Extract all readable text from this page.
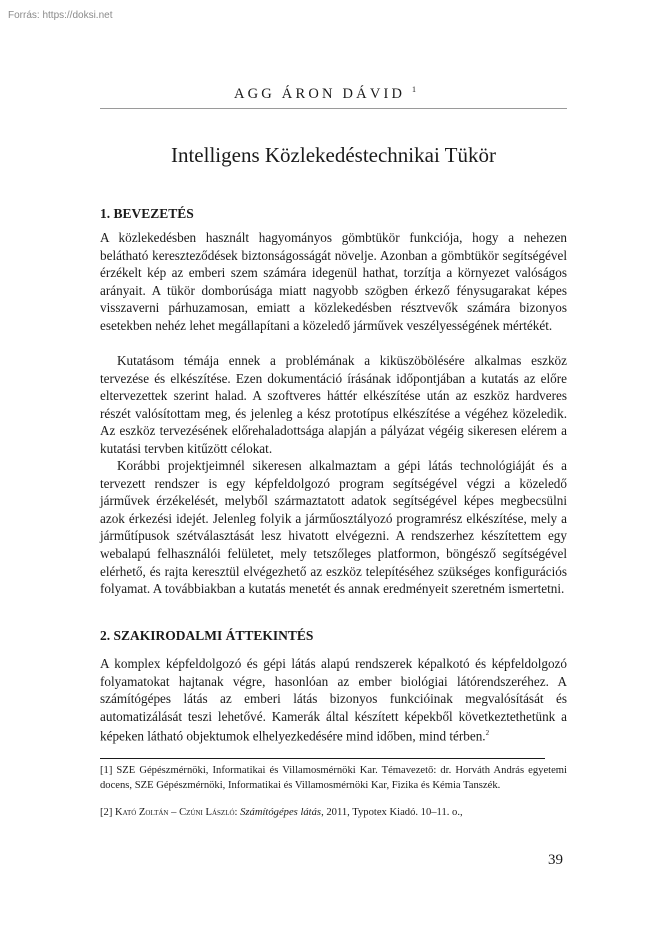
Forrás: https://doksi.net
AGG ÁRON DÁVID $^1$
Intelligens Közlekedéstechnikai Tükör
1. BEVEZETÉS
A közlekedésben használt hagyományos gömbtükör funkciója, hogy a nehezen belátható kereszteződések biztonságosságát növelje. Azonban a gömbtükör segítségével érzékelt kép az emberi szem számára idegenül hathat, torzítja a környezet valóságos arányait. A tükör domborúsága miatt nagyobb szögben érkező fénysugarakat képes visszaverni párhuzamosan, emiatt a közlekedésben résztvevők számára bizonyos esetekben nehéz lehet megállapítani a közeledő járművek veszélyességének mértékét.
Kutatásom témája ennek a problémának a kiküszöbölésére alkalmas eszköz tervezése és elkészítése. Ezen dokumentáció írásának időpontjában a kutatás az előre eltervezettek szerint halad. A szoftveres háttér elkészítése után az eszköz hardveres részét valósítottam meg, és jelenleg a kész prototípus elkészítése a végéhez közeledik. Az eszköz tervezésének előrehaladottsága alapján a pályázat végéig sikeresen elérem a kutatási tervben kitűzött célokat.
Korábbi projektjeimnél sikeresen alkalmaztam a gépi látás technológiáját és a tervezett rendszer is egy képfeldolgozó program segítségével végzi a közeledő járművek érzékelését, melyből származtatott adatok segítségével képes megbecsülni azok érkezési idejét. Jelenleg folyik a járműosztályozó programrész elkészítése, mely a járműtípusok szétválasztását lesz hivatott elvégezni. A rendszerhez készítettem egy webalapú felhasználói felületet, mely tetszőleges platformon, böngésző segítségével elérhető, és rajta keresztül elvégezhető az eszköz telepítéséhez szükséges konfigurációs folyamat. A továbbiakban a kutatás menetét és annak eredményeit szeretném ismertetni.
2. SZAKIRODALMI ÁTTEKINTÉS
A komplex képfeldolgozó és gépi látás alapú rendszerek képalkotó és képfeldolgozó folyamatokat hajtanak végre, hasonlóan az ember biológiai látórendszeréhez. A számítógépes látás az emberi látás bizonyos funkcióinak megvalósítását és automatizálását teszi lehetővé. Kamerák által készített képekből következtethetünk a képeken látható objektumok elhelyezkedésére mind időben, mind térben.$^2$
[1] SZE Gépészmérnöki, Informatikai és Villamosmérnöki Kar. Témavezető: dr. Horváth András egyetemi docens, SZE Gépészmérnöki, Informatikai és Villamosmérnöki Kar, Fizika és Kémia Tanszék.
[2] Kató Zoltán – Czúni László: Számítógépes látás, 2011, Typotex Kiadó. 10–11. o.,
39
